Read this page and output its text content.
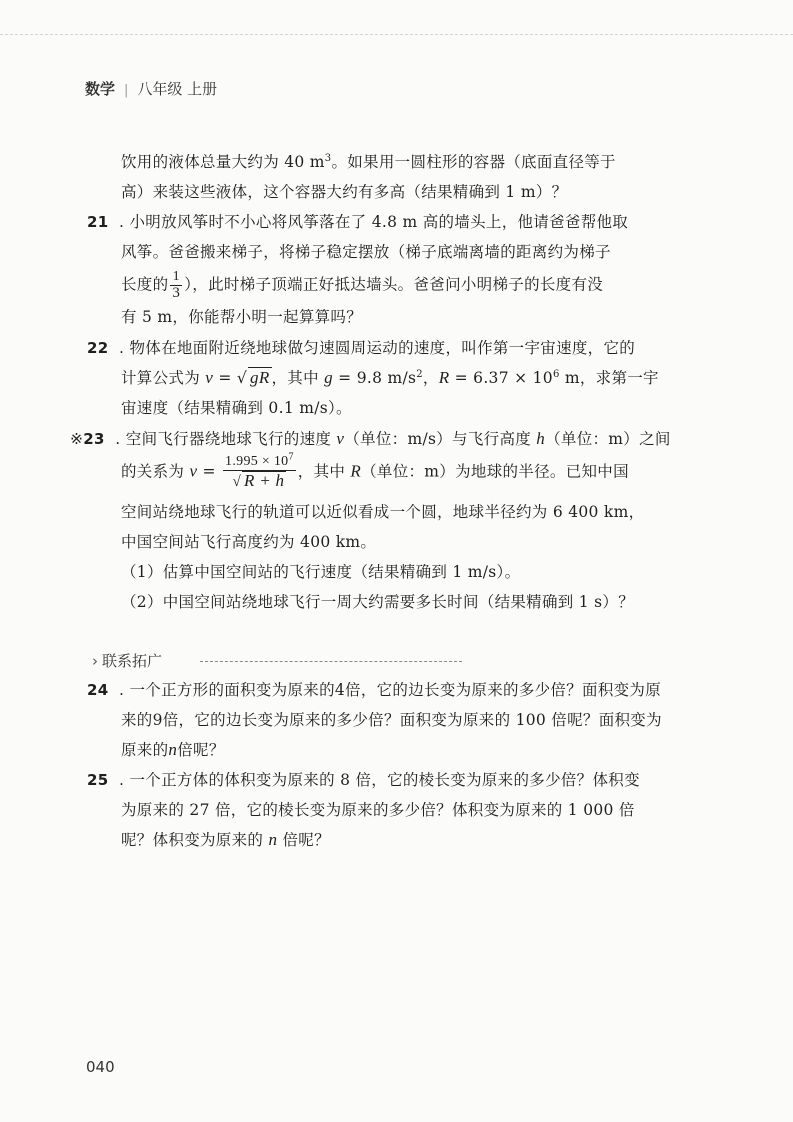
数学 | 八年级 上册
饮用的液体总量大约为 40 $m^3$。如果用一圆柱形的容器（底面直径等于
高）来装这些液体，这个容器大约有多高（结果精确到 1 m）？
21 . 小明放风筝时不小心将风筝落在了 4.8 m 高的墙头上，他请爸爸帮他取
风筝。爸爸搬来梯子，将梯子稳定摆放（梯子底端离墙的距离约为梯子
长度的 $\frac{1}{3}$ ），此时梯子顶端正好抵达墙头。爸爸问小明梯子的长度有没
有 5 m，你能帮小明一起算算吗？
22 . 物体在地面附近绕地球做匀速圆周运动的速度，叫作第一宇宙速度，它的
计算公式为 v = √ gR ，其中 g = 9.8 $m/s^2$，$R = 6.37 \times 10^6$ m，求第一宇
宙速度（结果精确到 0.1 m/s）。
※23 . 空间飞行器绕地球飞行的速度 v（单位：m/s）与飞行高度 h（单位：m）之间
的关系为 $v = \frac{1.995 \times 10^7}{√ R + h}$ ，其中 R（单位：m）为地球的半径。已知中国
空间站绕地球飞行的轨道可以近似看成一个圆，地球半径约为 6 400 km，
中国空间站飞行高度约为 400 km。
（1）估算中国空间站的飞行速度（结果精确到 1 m/s）。
（2）中国空间站绕地球飞行一周大约需要多长时间（结果精确到 1 s）？
› 联系拓广
24 . 一个正方形的面积变为原来的4倍，它的边长变为原来的多少倍？面积变为原
来的9倍，它的边长变为原来的多少倍？面积变为原来的 100 倍呢？面积变为
原来的n倍呢？
25 . 一个正方体的体积变为原来的 8 倍，它的棱长变为原来的多少倍？体积变
为原来的 27 倍，它的棱长变为原来的多少倍？体积变为原来的 1 000 倍
呢？体积变为原来的 n 倍呢？
040
